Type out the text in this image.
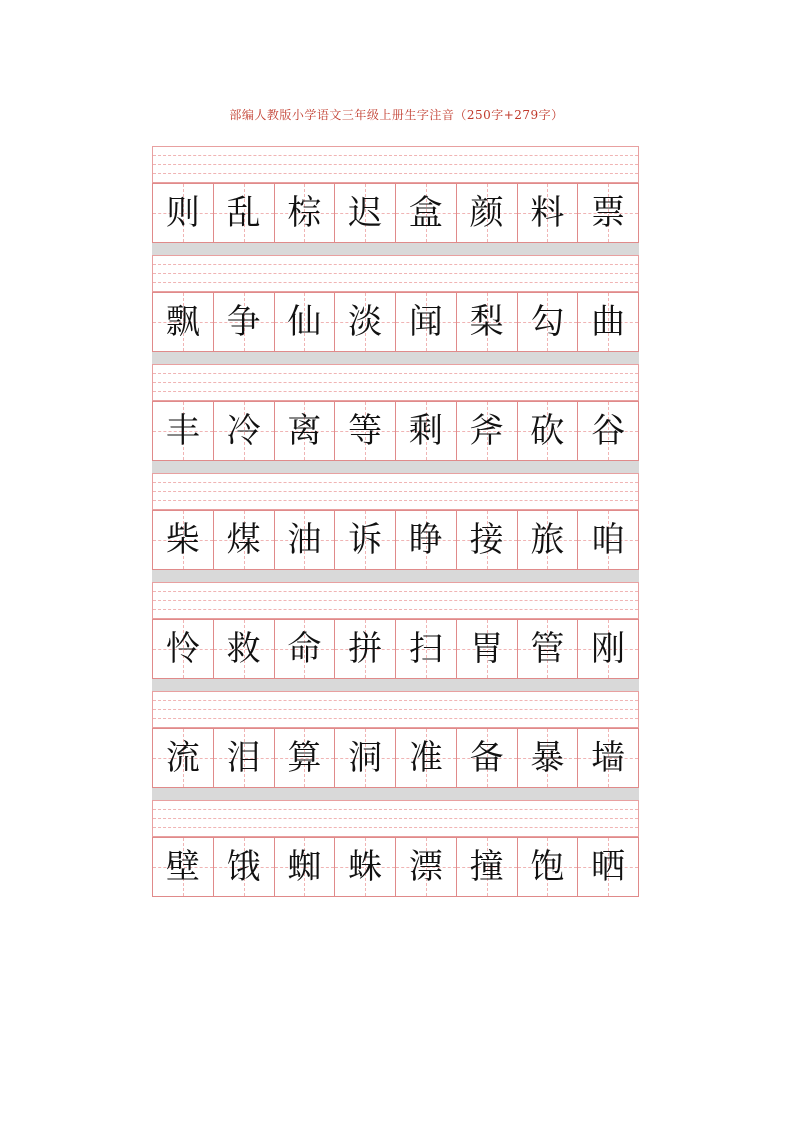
部编人教版小学语文三年级上册生字注音（250字+279字）
则 乱 棕 迟 盒 颜 料 票
飘 争 仙 淡 闻 梨 勾 曲
丰 冷 离 等 剩 斧 砍 谷
柴 煤 油 诉 睁 接 旅 咱
怜 救 命 拼 扫 胃 管 刚
流 泪 算 洞 准 备 暴 墙
壁 饿 蜘 蛛 漂 撞 饱 晒
